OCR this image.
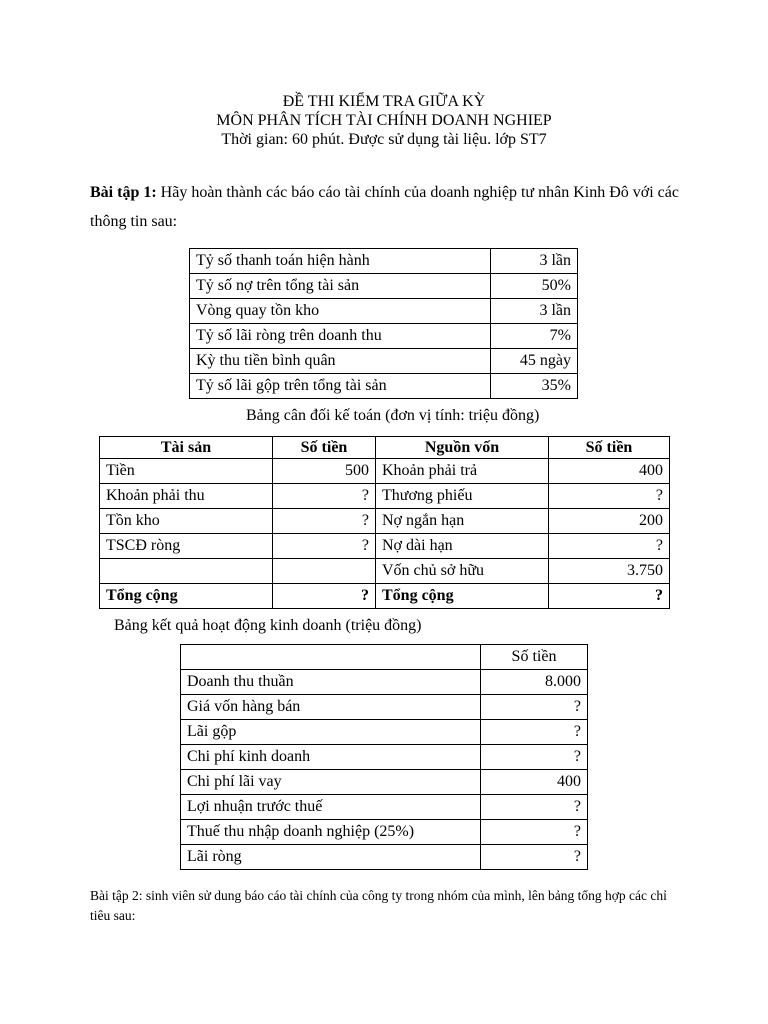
ĐỀ THI KIỂM TRA GIỮA KỲ
MÔN PHÂN TÍCH TÀI CHÍNH DOANH NGHIEP
Thời gian: 60 phút. Được sử dụng tài liệu. lớp ST7
Bài tập 1: Hãy hoàn thành các báo cáo tài chính của doanh nghiệp tư nhân Kinh Đô với các thông tin sau:
Tỷ số thanh toán hiện hành	3 lần
Tỷ số nợ trên tổng tài sản	50%
Vòng quay tồn kho	3 lần
Tỷ số lãi ròng trên doanh thu	7%
Kỳ thu tiền bình quân	45 ngày
Tỷ số lãi gộp trên tổng tài sản	35%
Bảng cân đối kế toán (đơn vị tính: triệu đồng)
Tài sản	Số tiền	Nguồn vốn	Số tiền
Tiền	500	Khoản phải trả	400
Khoản phải thu	?	Thương phiếu	?
Tồn kho	?	Nợ ngắn hạn	200
TSCĐ ròng	?	Nợ dài hạn	?
		Vốn chủ sở hữu	3.750
Tổng cộng	?	Tổng cộng	?
Bảng kết quả hoạt động kinh doanh (triệu đồng)
	Số tiền
Doanh thu thuần	8.000
Giá vốn hàng bán	?
Lãi gộp	?
Chi phí kinh doanh	?
Chi phí lãi vay	400
Lợi nhuận trước thuế	?
Thuế thu nhập doanh nghiệp (25%)	?
Lãi ròng	?
Bài tập 2: sinh viên sử dung báo cáo tài chính của công ty trong nhóm của mình, lên bảng tổng hợp các chỉ tiêu sau:
